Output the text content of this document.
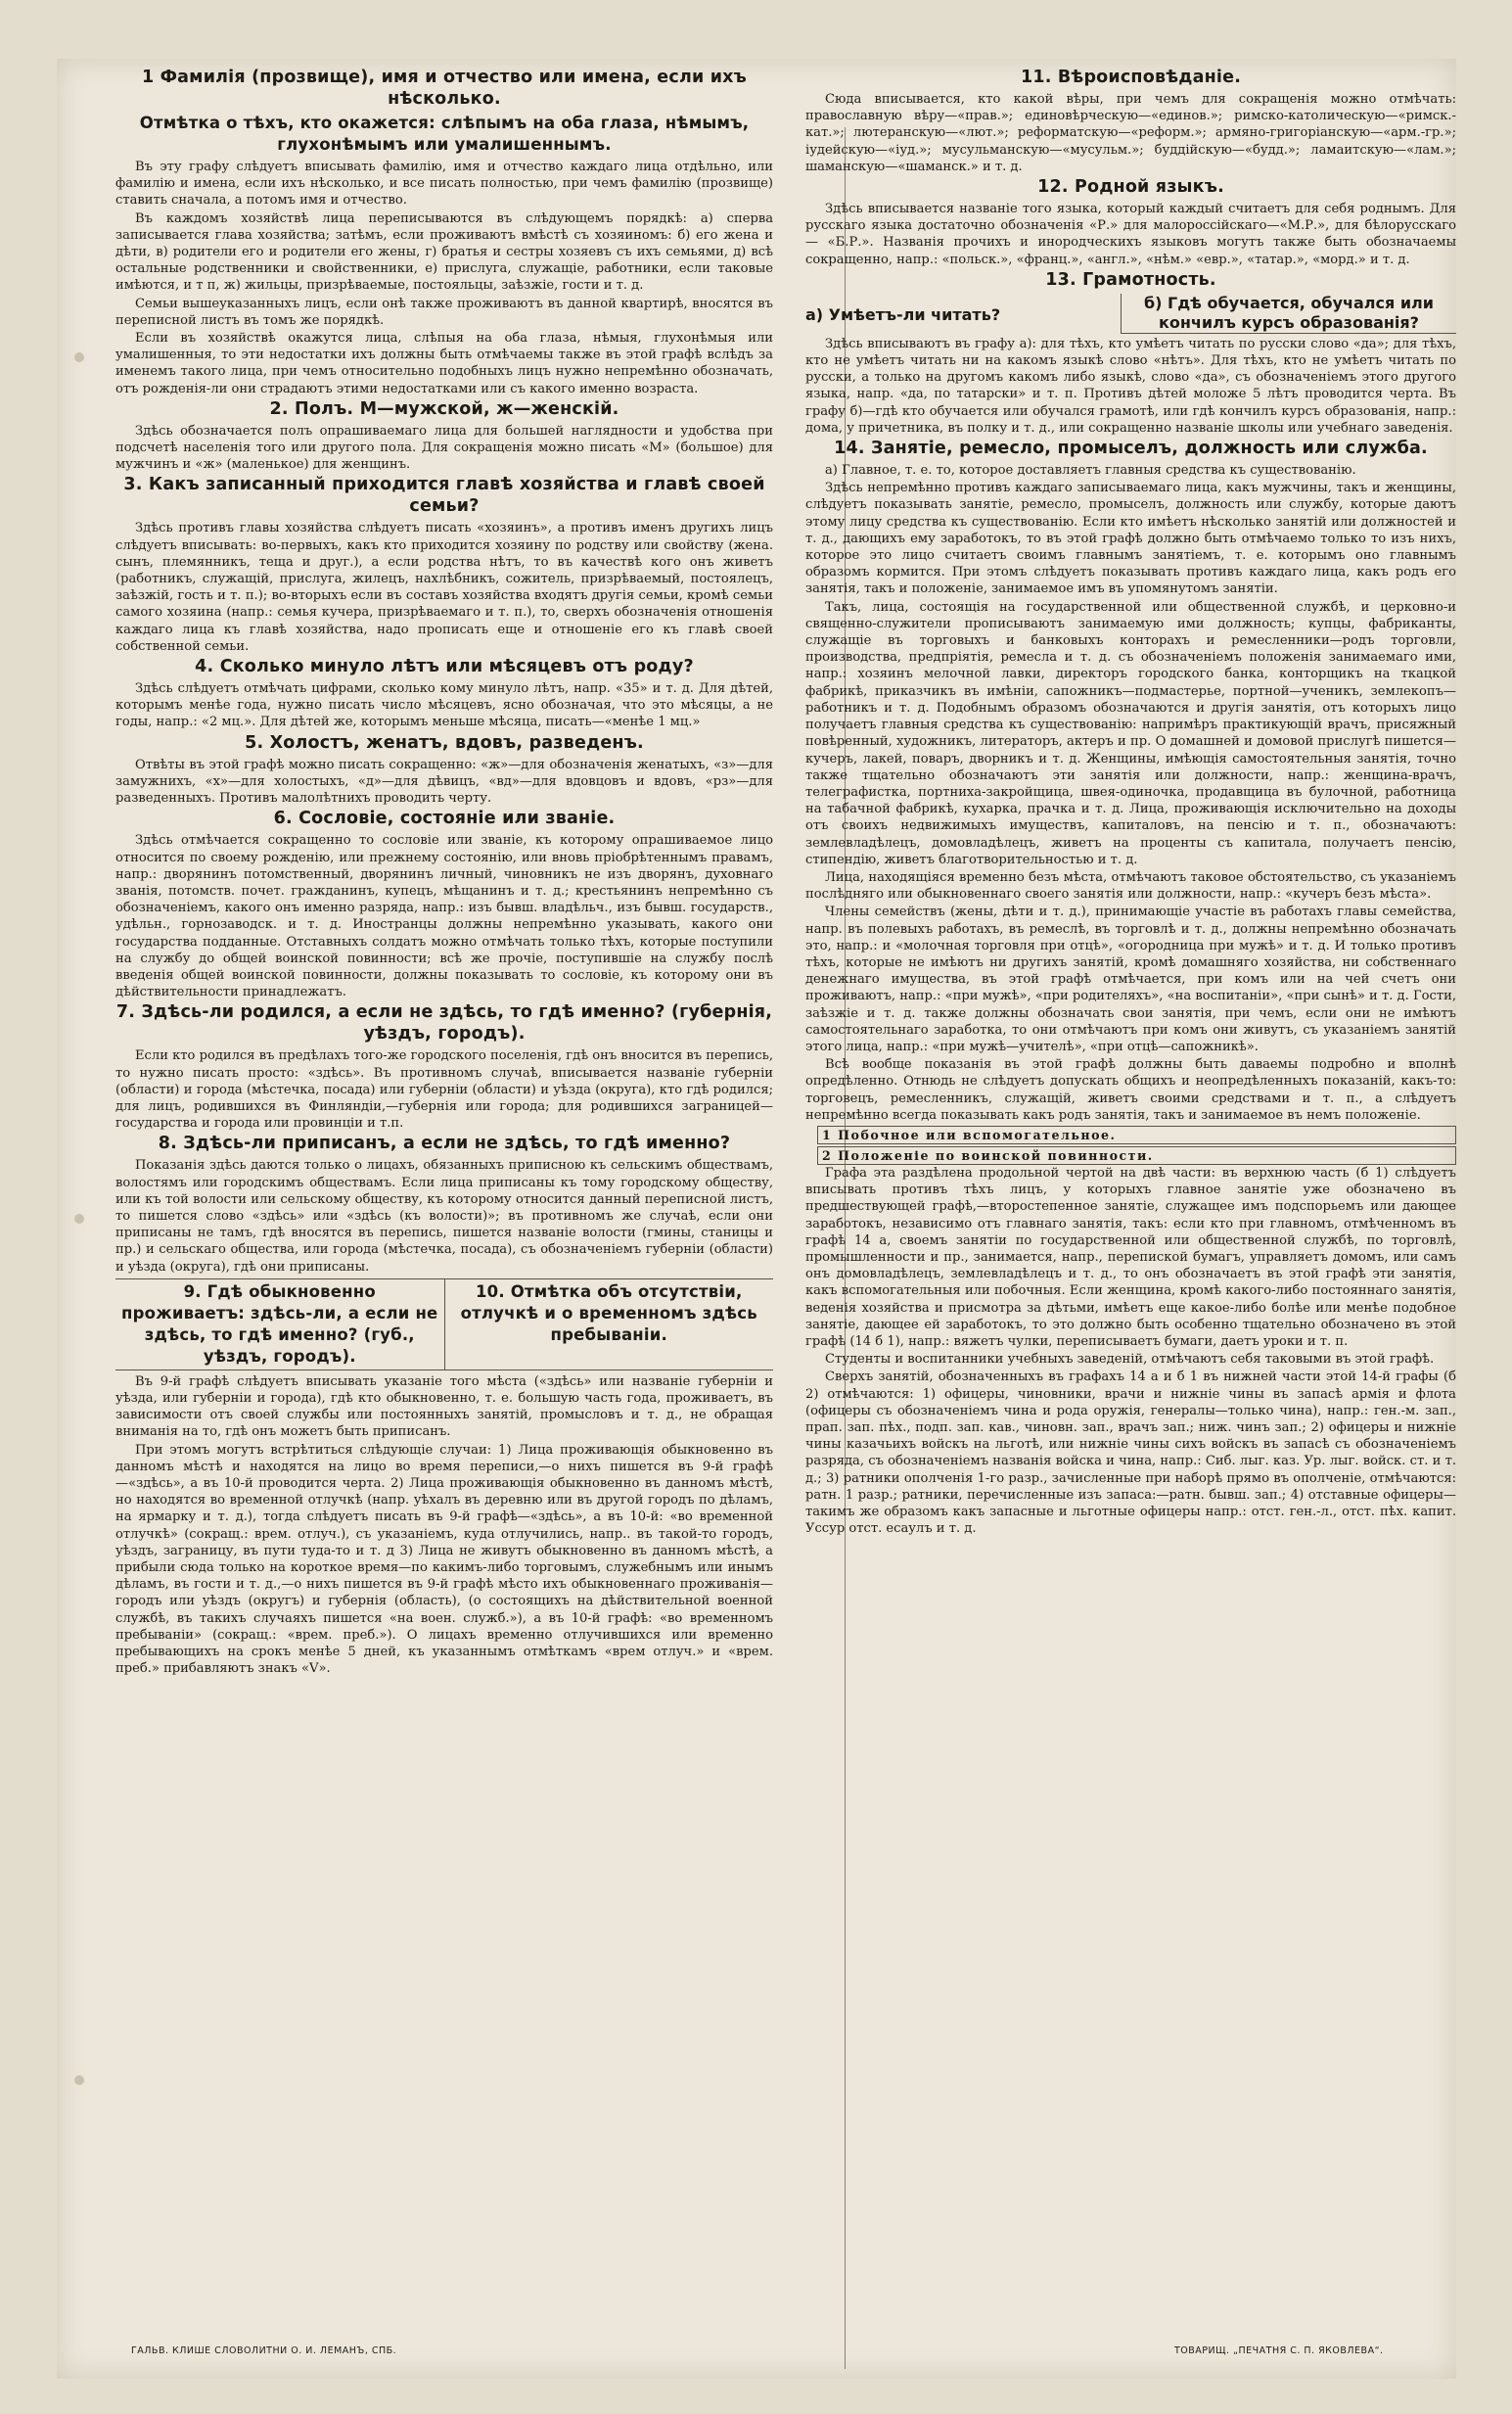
1 Фамилія (прозвище), имя и отчество или имена, если ихъ нѣсколько.
Отмѣтка о тѣхъ, кто окажется: слѣпымъ на оба глаза, нѣмымъ, глухонѣмымъ или умалишеннымъ.

Въ эту графу слѣдуетъ вписывать фамилію, имя и отчество каждаго лица отдѣльно, или фамилію и имена, если ихъ нѣсколько, и все писать полностью, при чемъ фамилію (прозвище) ставить сначала, а потомъ имя и отчество.

Въ каждомъ хозяйствѣ лица переписываются въ слѣдующемъ порядкѣ: а) сперва записывается глава хозяйства; затѣмъ, если проживаютъ вмѣстѣ съ хозяиномъ: б) его жена и дѣти, в) родители его и родители его жены, г) братья и сестры хозяевъ съ ихъ семьями, д) всѣ остальные родственники и свойственники, е) прислуга, служащіе, работники, если таковые имѣются, и т п, ж) жильцы, призрѣваемые, постояльцы, заѣзжіе, гости и т. д.

Семьи вышеуказанныхъ лицъ, если онѣ также проживаютъ въ данной квартирѣ, вносятся въ переписной листъ въ томъ же порядкѣ.

Если въ хозяйствѣ окажутся лица, слѣпыя на оба глаза, нѣмыя, глухонѣмыя или умалишенныя, то эти недостатки ихъ должны быть отмѣчаемы также въ этой графѣ вслѣдъ за именемъ такого лица, при чемъ относительно подобныхъ лицъ нужно непремѣнно обозначать, отъ рожденія-ли они страдаютъ этими недостатками или съ какого именно возраста.

2. Полъ. М—мужской, ж—женскій.

Здѣсь обозначается полъ опрашиваемаго лица для большей наглядности и удобства при подсчетѣ населенія того или другого пола. Для сокращенія можно писать «М» (большое) для мужчинъ и «ж» (маленькое) для женщинъ.

3. Какъ записанный приходится главѣ хозяйства и главѣ своей семьи?

Здѣсь противъ главы хозяйства слѣдуетъ писать «хозяинъ», а противъ именъ другихъ лицъ слѣдуетъ вписывать: во-первыхъ, какъ кто приходится хозяину по родству или свойству (жена. сынъ, племянникъ, теща и друг.), а если родства нѣтъ, то въ качествѣ кого онъ живетъ (работникъ, служащій, прислуга, жилецъ, нахлѣбникъ, сожитель, призрѣваемый, постоялецъ, заѣзжій, гость и т. п.); во-вторыхъ если въ составъ хозяйства входятъ другія семьи, кромѣ семьи самого хозяина (напр.: семья кучера, призрѣваемаго и т. п.), то, сверхъ обозначенія отношенія каждаго лица къ главѣ хозяйства, надо прописать еще и отношеніе его къ главѣ своей собственной семьи.

4. Сколько минуло лѣтъ или мѣсяцевъ отъ роду?

Здѣсь слѣдуетъ отмѣчать цифрами, сколько кому минуло лѣтъ, напр. «35» и т. д. Для дѣтей, которымъ менѣе года, нужно писать число мѣсяцевъ, ясно обозначая, что это мѣсяцы, а не годы, напр.: «2 мц.». Для дѣтей же, которымъ меньше мѣсяца, писать—«менѣе 1 мц.»

5. Холостъ, женатъ, вдовъ, разведенъ.

Отвѣты въ этой графѣ можно писать сокращенно: «ж»—для обозначенія женатыхъ, «з»—для замужнихъ, «х»—для холостыхъ, «д»—для дѣвицъ, «вд»—для вдовцовъ и вдовъ, «рз»—для разведенныхъ. Противъ малолѣтнихъ проводить черту.

6. Сословіе, состояніе или званіе.

Здѣсь отмѣчается сокращенно то сословіе или званіе, къ которому опрашиваемое лицо относится по своему рожденію, или прежнему состоянію, или вновь пріобрѣтеннымъ правамъ, напр.: дворянинъ потомственный, дворянинъ личный, чиновникъ не изъ дворянъ, духовнаго званія, потомств. почет. гражданинъ, купецъ, мѣщанинъ и т. д.; крестьянинъ непремѣнно съ обозначеніемъ, какого онъ именно разряда, напр.: изъ бывш. владѣльч., изъ бывш. государств., удѣльн., горнозаводск. и т. д. Иностранцы должны непремѣнно указывать, какого они государства подданные. Отставныхъ солдатъ можно отмѣчать только тѣхъ, которые поступили на службу до общей воинской повинности; всѣ же прочіе, поступившіе на службу послѣ введенія общей воинской повинности, должны показывать то сословіе, къ которому они въ дѣйствительности принадлежатъ.

7. Здѣсь-ли родился, а если не здѣсь, то гдѣ именно? (губернія, уѣздъ, городъ).

Если кто родился въ предѣлахъ того-же городского поселенія, гдѣ онъ вносится въ перепись, то нужно писать просто: «здѣсь». Въ противномъ случаѣ, вписывается названіе губерніи (области) и города (мѣстечка, посада) или губерніи (области) и уѣзда (округа), кто гдѣ родился; для лицъ, родившихся въ Финляндіи,—губернія или города; для родившихся заграницей—государства и города или провинціи и т.п.

8. Здѣсь-ли приписанъ, а если не здѣсь, то гдѣ именно?

Показанія здѣсь даются только о лицахъ, обязанныхъ приписною къ сельскимъ обществамъ, волостямъ или городскимъ обществамъ. Если лица приписаны къ тому городскому обществу, или къ той волости или сельскому обществу, къ которому относится данный переписной листъ, то пишется слово «здѣсь» или «здѣсь (къ волости)»; въ противномъ же случаѣ, если они приписаны не тамъ, гдѣ вносятся въ перепись, пишется названіе волости (гмины, станицы и пр.) и сельскаго общества, или города (мѣстечка, посада), съ обозначеніемъ губерніи (области) и уѣзда (округа), гдѣ они приписаны.

9. Гдѣ обыкновенно проживаетъ: здѣсь-ли, а если не здѣсь, то гдѣ именно? (губ., уѣздъ, городъ).
10. Отмѣтка объ отсутствіи, отлучкѣ и о временномъ здѣсь пребываніи.

Въ 9-й графѣ слѣдуетъ вписывать указаніе того мѣста («здѣсь» или названіе губерніи и уѣзда, или губерніи и города), гдѣ кто обыкновенно, т. е. большую часть года, проживаетъ, въ зависимости отъ своей службы или постоянныхъ занятій, промысловъ и т. д., не обращая вниманія на то, гдѣ онъ можетъ быть приписанъ.

При этомъ могутъ встрѣтиться слѣдующіе случаи: 1) Лица проживающія обыкновенно въ данномъ мѣстѣ и находятся на лицо во время переписи,—о нихъ пишется въ 9-й графѣ—«здѣсь», а въ 10-й проводится черта. 2) Лица проживающія обыкновенно въ данномъ мѣстѣ, но находятся во временной отлучкѣ (напр. уѣхалъ въ деревню или въ другой городъ по дѣламъ, на ярмарку и т. д.), тогда слѣдуетъ писать въ 9-й графѣ—«здѣсь», а въ 10-й: «во временной отлучкѣ» (сокращ.: врем. отлуч.), съ указаніемъ, куда отлучились, напр.. въ такой-то городъ, уѣздъ, заграницу, въ пути туда-то и т. д 3) Лица не живутъ обыкновенно въ данномъ мѣстѣ, а прибыли сюда только на короткое время—по какимъ-либо торговымъ, служебнымъ или инымъ дѣламъ, въ гости и т. д.,—о нихъ пишется въ 9-й графѣ мѣсто ихъ обыкновеннаго проживанія—городъ или уѣздъ (округъ) и губернія (область), (о состоящихъ на дѣйствительной военной службѣ, въ такихъ случаяхъ пишется «на воен. служб.»), а въ 10-й графѣ: «во временномъ пребываніи» (сокращ.: «врем. преб.»). О лицахъ временно отлучившихся или временно пребывающихъ на срокъ менѣе 5 дней, къ указаннымъ отмѣткамъ «врем отлуч.» и «врем. преб.» прибавляютъ знакъ «V».

11. Вѣроисповѣданіе.

Сюда вписывается, кто какой вѣры, при чемъ для сокращенія можно отмѣчать: православную вѣру—«прав.»; единовѣрческую—«единов.»; римско-католическую—«римск.-кат.»; лютеранскую—«лют.»; реформатскую—«реформ.»; армяно-григоріанскую—«арм.-гр.»; іудейскую—«іуд.»; мусульманскую—«мусульм.»; буддійскую—«будд.»; ламаитскую—«лам.»; шаманскую—«шаманск.» и т. д.

12. Родной языкъ.

Здѣсь вписывается названіе того языка, который каждый считаетъ для себя роднымъ. Для русскаго языка достаточно обозначенія «Р.» для малороссійскаго—«М.Р.», для бѣлорусскаго — «Б.Р.». Названія прочихъ и инородческихъ языковъ могутъ также быть обозначаемы сокращенно, напр.: «польск.», «франц.», «англ.», «нѣм.» «евр.», «татар.», «морд.» и т. д.

13. Грамотность.
а) Умѣетъ-ли читать?
б) Гдѣ обучается, обучался или кончилъ курсъ образованія?

Здѣсь вписываютъ въ графу а): для тѣхъ, кто умѣетъ читать по русски слово «да»; для тѣхъ, кто не умѣетъ читать ни на какомъ языкѣ слово «нѣтъ». Для тѣхъ, кто не умѣетъ читать по русски, а только на другомъ какомъ либо языкѣ, слово «да», съ обозначеніемъ этого другого языка, напр. «да, по татарски» и т. п. Противъ дѣтей моложе 5 лѣтъ проводится черта. Въ графу б)—гдѣ кто обучается или обучался грамотѣ, или гдѣ кончилъ курсъ образованія, напр.: дома, у причетника, въ полку и т. д., или сокращенно названіе школы или учебнаго заведенія.

14. Занятіе, ремесло, промыселъ, должность или служба.

а) Главное, т. е. то, которое доставляетъ главныя средства къ существованію.

Здѣсь непремѣнно противъ каждаго записываемаго лица, какъ мужчины, такъ и женщины, слѣдуетъ показывать занятіе, ремесло, промыселъ, должность или службу, которые даютъ этому лицу средства къ существованію. Если кто имѣетъ нѣсколько занятій или должностей и т. д., дающихъ ему заработокъ, то въ этой графѣ должно быть отмѣчаемо только то изъ нихъ, которое это лицо считаетъ своимъ главнымъ занятіемъ, т. е. которымъ оно главнымъ образомъ кормится. При этомъ слѣдуетъ показывать противъ каждаго лица, какъ родъ его занятія, такъ и положеніе, занимаемое имъ въ упомянутомъ занятіи.

Такъ, лица, состоящія на государственной или общественной службѣ, и церковно-и священно-служители прописываютъ занимаемую ими должность; купцы, фабриканты, служащіе въ торговыхъ и банковыхъ конторахъ и ремесленники—родъ торговли, производства, предпріятія, ремесла и т. д. съ обозначеніемъ положенія занимаемаго ими, напр.: хозяинъ мелочной лавки, директоръ городского банка, конторщикъ на ткацкой фабрикѣ, приказчикъ въ имѣніи, сапожникъ—подмастерье, портной—ученикъ, землекопъ—работникъ и т. д. Подобнымъ образомъ обозначаются и другія занятія, отъ которыхъ лицо получаетъ главныя средства къ существованію: напримѣръ практикующій врачъ, присяжный повѣренный, художникъ, литераторъ, актеръ и пр. О домашней и домовой прислугѣ пишется—кучеръ, лакей, поваръ, дворникъ и т. д. Женщины, имѣющія самостоятельныя занятія, точно также тщательно обозначаютъ эти занятія или должности, напр.: женщина-врачъ, телеграфистка, портниха-закройщица, швея-одиночка, продавщица въ булочной, работница на табачной фабрикѣ, кухарка, прачка и т. д. Лица, проживающія исключительно на доходы отъ своихъ недвижимыхъ имуществъ, капиталовъ, на пенсію и т. п., обозначаютъ: землевладѣлецъ, домовладѣлецъ, живетъ на проценты съ капитала, получаетъ пенсію, стипендію, живетъ благотворительностью и т. д.

Лица, находящіяся временно безъ мѣста, отмѣчаютъ таковое обстоятельство, съ указаніемъ послѣдняго или обыкновеннаго своего занятія или должности, напр.: «кучеръ безъ мѣста».

Члены семействъ (жены, дѣти и т. д.), принимающіе участіе въ работахъ главы семейства, напр. въ полевыхъ работахъ, въ ремеслѣ, въ торговлѣ и т. д., должны непремѣнно обозначать это, напр.: и «молочная торговля при отцѣ», «огородница при мужѣ» и т. д. И только противъ тѣхъ, которые не имѣютъ ни другихъ занятій, кромѣ домашняго хозяйства, ни собственнаго денежнаго имущества, въ этой графѣ отмѣчается, при комъ или на чей счетъ они проживаютъ, напр.: «при мужѣ», «при родителяхъ», «на воспитаніи», «при сынѣ» и т. д. Гости, заѣзжіе и т. д. также должны обозначать свои занятія, при чемъ, если они не имѣютъ самостоятельнаго заработка, то они отмѣчаютъ при комъ они живутъ, съ указаніемъ занятій этого лица, напр.: «при мужѣ—учителѣ», «при отцѣ—сапожникѣ».

Всѣ вообще показанія въ этой графѣ должны быть даваемы подробно и вполнѣ опредѣленно. Отнюдь не слѣдуетъ допускать общихъ и неопредѣленныхъ показаній, какъ-то: торговецъ, ремесленникъ, служащій, живетъ своими средствами и т. п., а слѣдуетъ непремѣнно всегда показывать какъ родъ занятія, такъ и занимаемое въ немъ положеніе.

1 Побочное или вспомогательное.
2 Положеніе по воинской повинности.

Графа эта раздѣлена продольной чертой на двѣ части: въ верхнюю часть (б 1) слѣдуетъ вписывать противъ тѣхъ лицъ, у которыхъ главное занятіе уже обозначено въ предшествующей графѣ,—второстепенное занятіе, служащее имъ подспорьемъ или дающее заработокъ, независимо отъ главнаго занятія, такъ: если кто при главномъ, отмѣченномъ въ графѣ 14 а, своемъ занятіи по государственной или общественной службѣ, по торговлѣ, промышленности и пр., занимается, напр., перепиской бумагъ, управляетъ домомъ, или самъ онъ домовладѣлецъ, землевладѣлецъ и т. д., то онъ обозначаетъ въ этой графѣ эти занятія, какъ вспомогательныя или побочныя. Если женщина, кромѣ какого-либо постояннаго занятія, веденія хозяйства и присмотра за дѣтьми, имѣетъ еще какое-либо болѣе или менѣе подобное занятіе, дающее ей заработокъ, то это должно быть особенно тщательно обозначено въ этой графѣ (14 б 1), напр.: вяжетъ чулки, переписываетъ бумаги, даетъ уроки и т. п.

Студенты и воспитанники учебныхъ заведеній, отмѣчаютъ себя таковыми въ этой графѣ.

Сверхъ занятій, обозначенныхъ въ графахъ 14 а и б 1 въ нижней части этой 14-й графы (б 2) отмѣчаются: 1) офицеры, чиновники, врачи и нижніе чины въ запасѣ армія и флота (офицеры съ обозначеніемъ чина и рода оружія, генералы—только чина), напр.: ген.-м. зап., прап. зап. пѣх., подп. зап. кав., чиновн. зап., врачъ зап.; ниж. чинъ зап.; 2) офицеры и нижніе чины казачьихъ войскъ на льготѣ, или нижніе чины сихъ войскъ въ запасѣ съ обозначеніемъ разряда, съ обозначеніемъ названія войска и чина, напр.: Сиб. лыг. каз. Ур. лыг. войск. ст. и т. д.; 3) ратники ополченія 1-го разр., зачисленные при наборѣ прямо въ ополченіе, отмѣчаются: ратн. 1 разр.; ратники, перечисленные изъ запаса:—ратн. бывш. зап.; 4) отставные офицеры—такимъ же образомъ какъ запасные и льготные офицеры напр.: отст. ген.-л., отст. пѣх. капит. Уссур отст. есаулъ и т. д.

ГАЛЬВ. КЛИШЕ СЛОВОЛИТНИ О. И. ЛЕМАНЪ, СПБ.	ТОВАРИЩ. „ПЕЧАТНЯ С. П. ЯКОВЛЕВА“.
